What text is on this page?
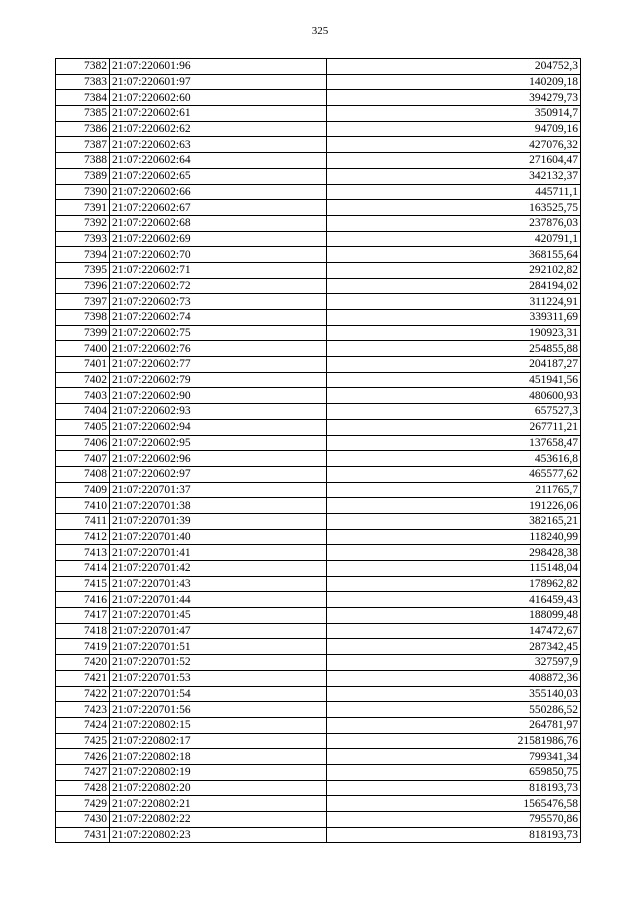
325
7382	21:07:220601:96	204752,3
7383	21:07:220601:97	140209,18
7384	21:07:220602:60	394279,73
7385	21:07:220602:61	350914,7
7386	21:07:220602:62	94709,16
7387	21:07:220602:63	427076,32
7388	21:07:220602:64	271604,47
7389	21:07:220602:65	342132,37
7390	21:07:220602:66	445711,1
7391	21:07:220602:67	163525,75
7392	21:07:220602:68	237876,03
7393	21:07:220602:69	420791,1
7394	21:07:220602:70	368155,64
7395	21:07:220602:71	292102,82
7396	21:07:220602:72	284194,02
7397	21:07:220602:73	311224,91
7398	21:07:220602:74	339311,69
7399	21:07:220602:75	190923,31
7400	21:07:220602:76	254855,88
7401	21:07:220602:77	204187,27
7402	21:07:220602:79	451941,56
7403	21:07:220602:90	480600,93
7404	21:07:220602:93	657527,3
7405	21:07:220602:94	267711,21
7406	21:07:220602:95	137658,47
7407	21:07:220602:96	453616,8
7408	21:07:220602:97	465577,62
7409	21:07:220701:37	211765,7
7410	21:07:220701:38	191226,06
7411	21:07:220701:39	382165,21
7412	21:07:220701:40	118240,99
7413	21:07:220701:41	298428,38
7414	21:07:220701:42	115148,04
7415	21:07:220701:43	178962,82
7416	21:07:220701:44	416459,43
7417	21:07:220701:45	188099,48
7418	21:07:220701:47	147472,67
7419	21:07:220701:51	287342,45
7420	21:07:220701:52	327597,9
7421	21:07:220701:53	408872,36
7422	21:07:220701:54	355140,03
7423	21:07:220701:56	550286,52
7424	21:07:220802:15	264781,97
7425	21:07:220802:17	21581986,76
7426	21:07:220802:18	799341,34
7427	21:07:220802:19	659850,75
7428	21:07:220802:20	818193,73
7429	21:07:220802:21	1565476,58
7430	21:07:220802:22	795570,86
7431	21:07:220802:23	818193,73
